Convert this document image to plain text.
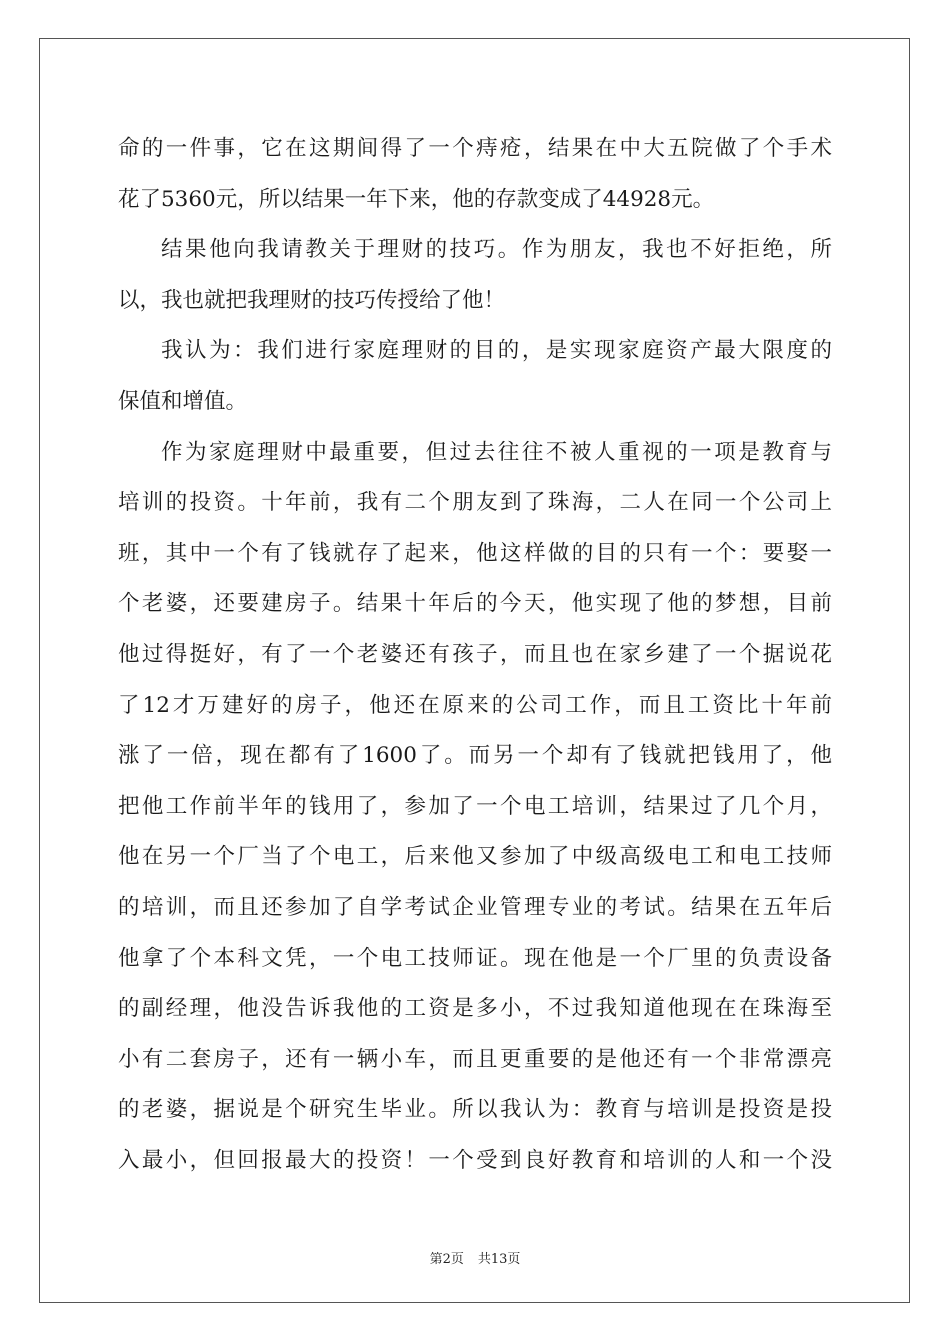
命的一件事，它在这期间得了一个痔疮，结果在中大五院做了个手术
花了5360元，所以结果一年下来，他的存款变成了44928元。
结果他向我请教关于理财的技巧。作为朋友，我也不好拒绝，所
以，我也就把我理财的技巧传授给了他！
我认为：我们进行家庭理财的目的，是实现家庭资产最大限度的
保值和增值。
作为家庭理财中最重要，但过去往往不被人重视的一项是教育与
培训的投资。十年前，我有二个朋友到了珠海，二人在同一个公司上
班，其中一个有了钱就存了起来，他这样做的目的只有一个：要娶一
个老婆，还要建房子。结果十年后的今天，他实现了他的梦想，目前
他过得挺好，有了一个老婆还有孩子，而且也在家乡建了一个据说花
了12才万建好的房子，他还在原来的公司工作，而且工资比十年前
涨了一倍，现在都有了1600了。而另一个却有了钱就把钱用了，他
把他工作前半年的钱用了，参加了一个电工培训，结果过了几个月，
他在另一个厂当了个电工，后来他又参加了中级高级电工和电工技师
的培训，而且还参加了自学考试企业管理专业的考试。结果在五年后
他拿了个本科文凭，一个电工技师证。现在他是一个厂里的负责设备
的副经理，他没告诉我他的工资是多小，不过我知道他现在在珠海至
小有二套房子，还有一辆小车，而且更重要的是他还有一个非常漂亮
的老婆，据说是个研究生毕业。所以我认为：教育与培训是投资是投
入最小，但回报最大的投资！一个受到良好教育和培训的人和一个没
第2页 共13页
